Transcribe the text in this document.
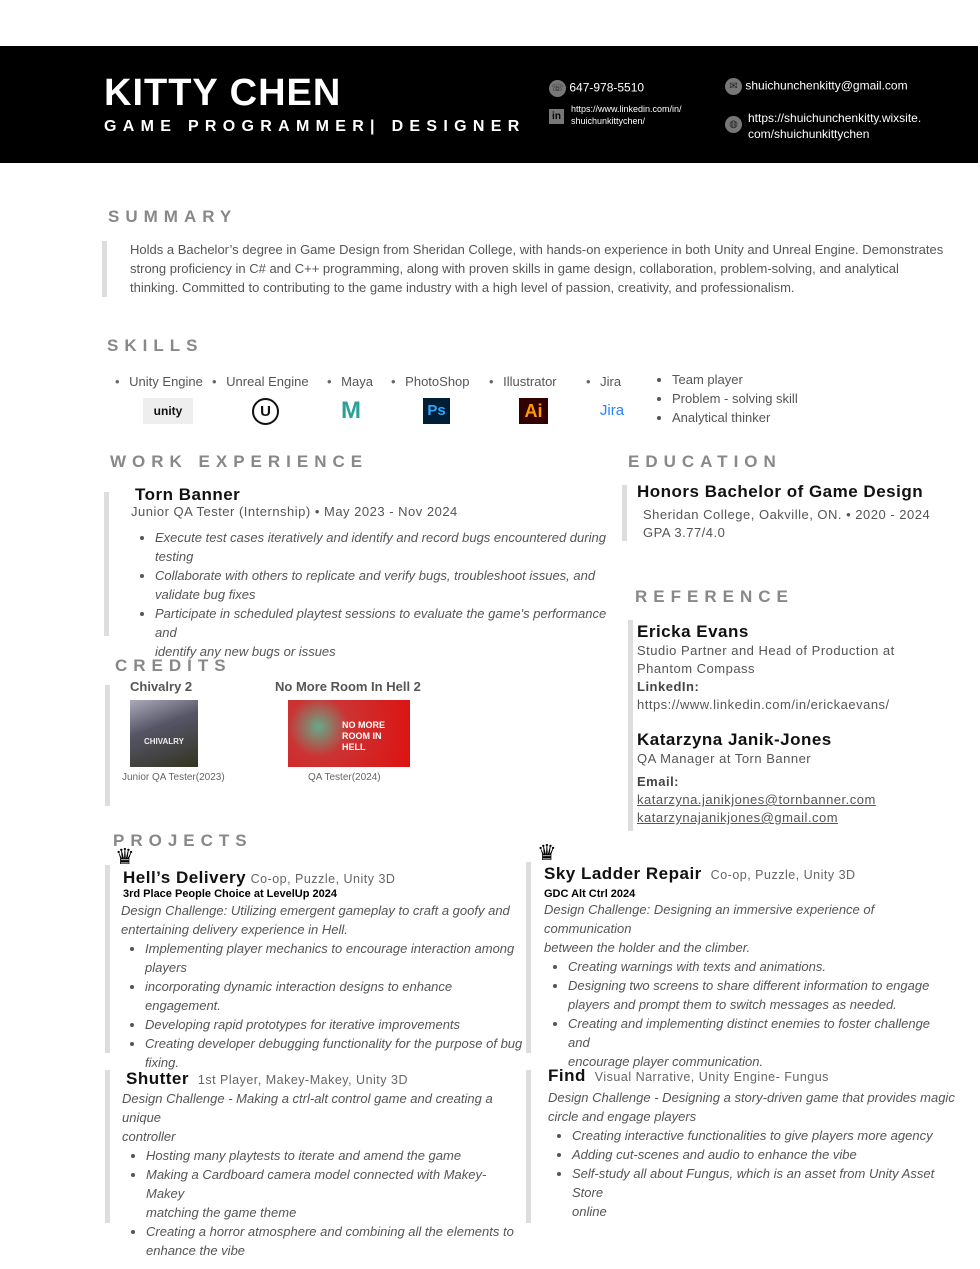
KITTY CHEN
GAME PROGRAMMER| DESIGNER
☏ 647-978-5510
in
https://www.linkedin.com/in/
shuichunkittychen/
✉ shuichunchenkitty@gmail.com
◍ https://shuichunchenkitty.wixsite.
com/shuichunkittychen
SUMMARY
Holds a Bachelor’s degree in Game Design from Sheridan College, with hands-on experience in both Unity and Unreal Engine. Demonstrates
strong proficiency in C# and C++ programming, along with proven skills in game design, collaboration, problem-solving, and analytical
thinking. Committed to contributing to the game industry with a high level of passion, creativity, and professionalism.
SKILLS
• Unity Engine	• Unreal Engine	• Maya	• PhotoShop	• Illustrator	• Jira
unity	U	M	Ps	Ai	Jira
• Team player
• Problem - solving skill
• Analytical thinker
WORK EXPERIENCE
Torn Banner
Junior QA Tester (Internship) • May 2023 - Nov 2024
• Execute test cases iteratively and identify and record bugs encountered during
testing
• Collaborate with others to replicate and verify bugs, troubleshoot issues, and
validate bug fixes
• Participate in scheduled playtest sessions to evaluate the game's performance and
identify any new bugs or issues
CREDITS
Chivalry 2
CHIVALRY
Junior QA Tester(2023)
No More Room In Hell 2
NO MORE ROOM IN HELL
QA Tester(2024)
EDUCATION
Honors Bachelor of Game Design
Sheridan College, Oakville, ON. • 2020 - 2024
GPA 3.77/4.0
REFERENCE
Ericka Evans
Studio Partner and Head of Production at
Phantom Compass
LinkedIn:
https://www.linkedin.com/in/erickaevans/
Katarzyna Janik-Jones
QA Manager at Torn Banner
Email:
katarzyna.janikjones@tornbanner.com
katarzynajanikjones@gmail.com
PROJECTS
♛
Hell’s Delivery Co-op, Puzzle, Unity 3D
3rd Place People Choice at LevelUp 2024
Design Challenge: Utilizing emergent gameplay to craft a goofy and
entertaining delivery experience in Hell.
• Implementing player mechanics to encourage interaction among
players
• incorporating dynamic interaction designs to enhance engagement.
• Developing rapid prototypes for iterative improvements
• Creating developer debugging functionality for the purpose of bug
fixing.
♛
Sky Ladder Repair Co-op, Puzzle, Unity 3D
GDC Alt Ctrl 2024
Design Challenge: Designing an immersive experience of communication
between the holder and the climber.
• Creating warnings with texts and animations.
• Designing two screens to share different information to engage
players and prompt them to switch messages as needed.
• Creating and implementing distinct enemies to foster challenge and
encourage player communication.
Shutter 1st Player, Makey-Makey, Unity 3D
Design Challenge - Making a ctrl-alt control game and creating a unique
controller
• Hosting many playtests to iterate and amend the game
• Making a Cardboard camera model connected with Makey-Makey
matching the game theme
• Creating a horror atmosphere and combining all the elements to
enhance the vibe
Find Visual Narrative, Unity Engine- Fungus
Design Challenge - Designing a story-driven game that provides magic
circle and engage players
• Creating interactive functionalities to give players more agency
• Adding cut-scenes and audio to enhance the vibe
• Self-study all about Fungus, which is an asset from Unity Asset Store
online
